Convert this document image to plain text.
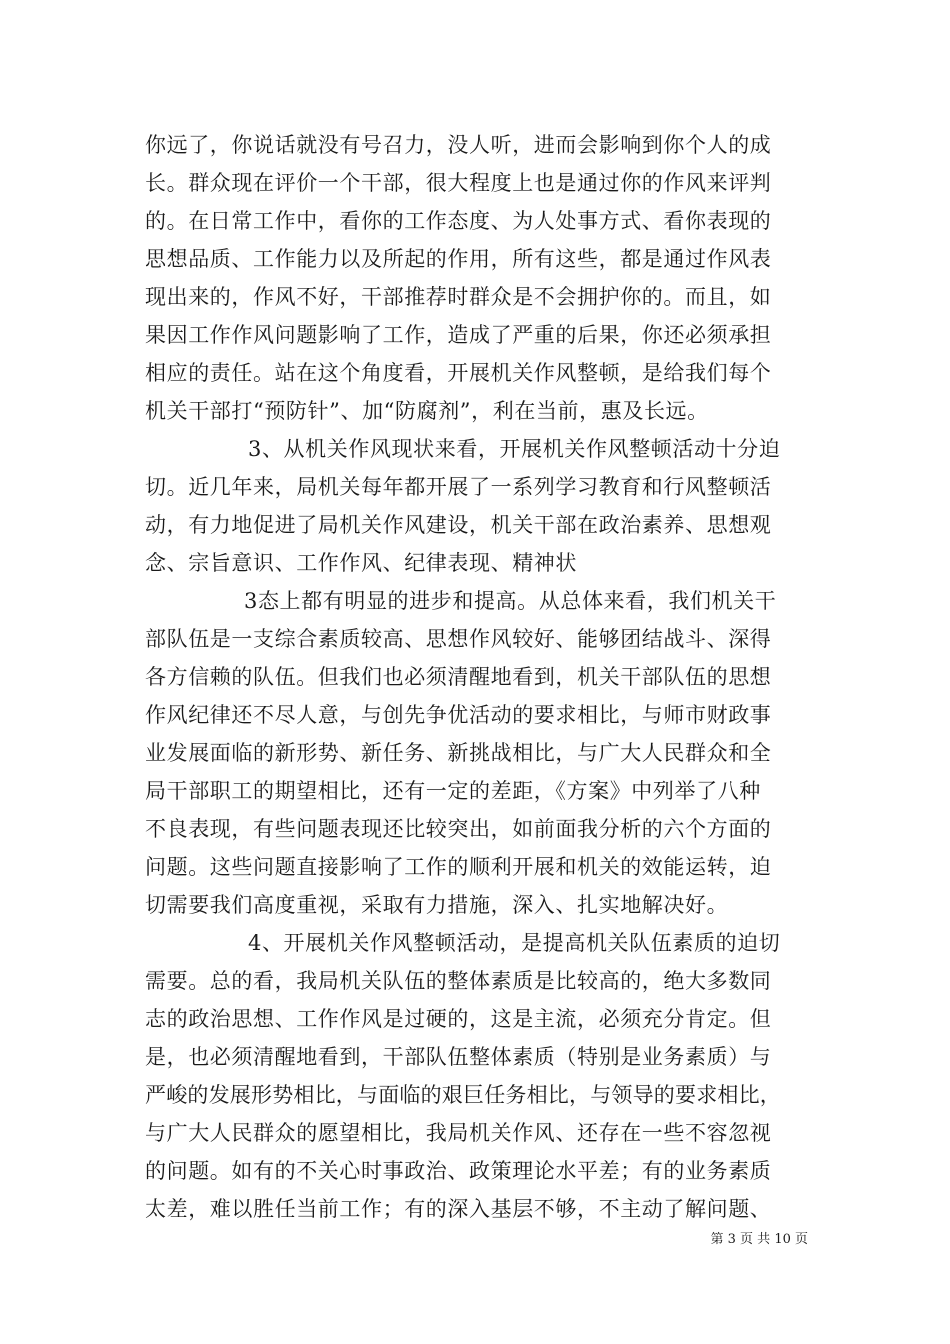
你远了，你说话就没有号召力，没人听，进而会影响到你个人的成
长。群众现在评价一个干部，很大程度上也是通过你的作风来评判
的。在日常工作中，看你的工作态度、为人处事方式、看你表现的
思想品质、工作能力以及所起的作用，所有这些，都是通过作风表
现出来的，作风不好，干部推荐时群众是不会拥护你的。而且，如
果因工作作风问题影响了工作，造成了严重的后果，你还必须承担
相应的责任。站在这个角度看，开展机关作风整顿，是给我们每个
机关干部打“预防针”、加“防腐剂”，利在当前，惠及长远。
3、从机关作风现状来看，开展机关作风整顿活动十分迫
切。近几年来，局机关每年都开展了一系列学习教育和行风整顿活
动，有力地促进了局机关作风建设，机关干部在政治素养、思想观
念、宗旨意识、工作作风、纪律表现、精神状
3态上都有明显的进步和提高。从总体来看，我们机关干
部队伍是一支综合素质较高、思想作风较好、能够团结战斗、深得
各方信赖的队伍。但我们也必须清醒地看到，机关干部队伍的思想
作风纪律还不尽人意，与创先争优活动的要求相比，与师市财政事
业发展面临的新形势、新任务、新挑战相比，与广大人民群众和全
局干部职工的期望相比，还有一定的差距，《方案》中列举了八种
不良表现，有些问题表现还比较突出，如前面我分析的六个方面的
问题。这些问题直接影响了工作的顺利开展和机关的效能运转，迫
切需要我们高度重视，采取有力措施，深入、扎实地解决好。
4、开展机关作风整顿活动，是提高机关队伍素质的迫切
需要。总的看，我局机关队伍的整体素质是比较高的，绝大多数同
志的政治思想、工作作风是过硬的，这是主流，必须充分肯定。但
是，也必须清醒地看到，干部队伍整体素质（特别是业务素质）与
严峻的发展形势相比，与面临的艰巨任务相比，与领导的要求相比，
与广大人民群众的愿望相比，我局机关作风、还存在一些不容忽视
的问题。如有的不关心时事政治、政策理论水平差；有的业务素质
太差，难以胜任当前工作；有的深入基层不够，不主动了解问题、
第 3 页 共 10 页
